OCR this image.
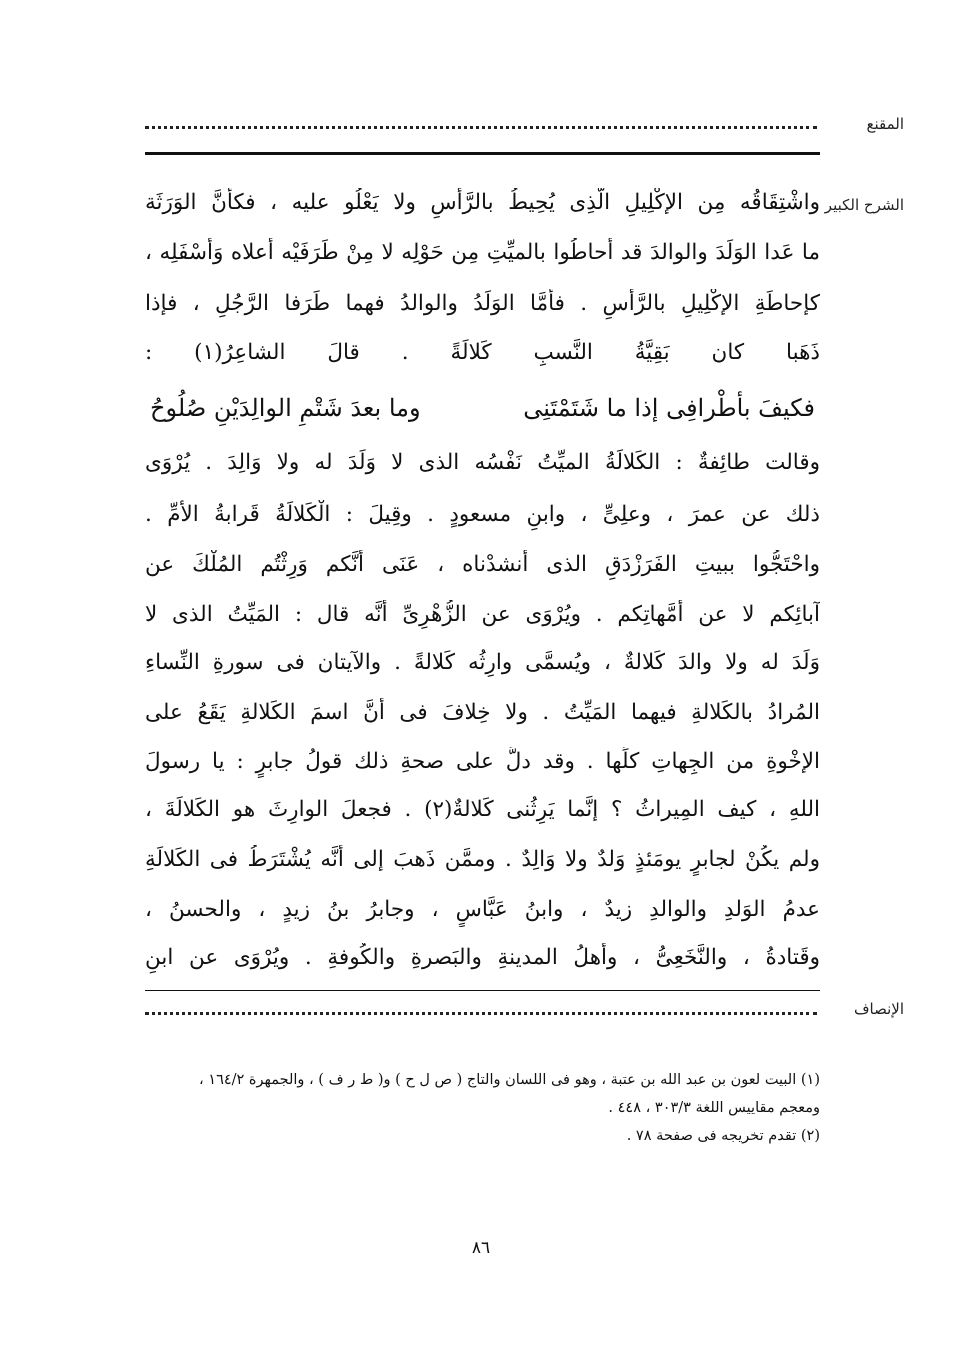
المقنع
الشرح الكبير
واشْتِقَاقُه مِن الإكْلِيلِ الّذِى يُحِيطُ بالرَّأْسِ ولا يَعْلُو عليه ، فكأنَّ الوَرَثَة
ما عَدا الوَلَدَ والوالدَ قد أحاطُوا بالميِّتِ مِن حَوْلِه لا مِنْ طَرَفَيْه أعلاه وَأَسْفَلِه ،
كإحاطَةِ الإكْلِيلِ بالرَّأْسِ . فأمَّا الوَلَدُ والوالدُ فهما طَرَفا الرَّجُلِ ، فإذا
ذَهَبا كان بَقِيَّةُ النَّسبِ كَلالَةً . قالَ الشاعِرُ(١) :
فكيفَ بأطْرافِى إذا ما شَتَمْتَنِى
وما بعدَ شَتْمِ الوالِدَيْنِ صُلُوحُ
وقالت طائِفةٌ : الكَلالَةُ الميِّتُ نَفْسُه الذى لا وَلَدَ له ولا وَالِدَ . يُرْوَى
ذلك عن عمرَ ، وعلِىٍّ ، وابنِ مسعودٍ . وقِيلَ : الْكَلالَةُ قَرابةُ الأُمِّ .
واحْتَجُّوا ببيتِ الفَرَزْدَقِ الذى أنشدْناه ، عَنَى أنَّكم وَرِثْتُم المُلْكَ عن
آبائِكم لا عن أُمَّهاتِكم . ويُرْوَى عن الزُّهْرِىِّ أنَّه قال : المَيِّتُ الذى لا
وَلَدَ له ولا والدَ كَلالةٌ ، ويُسمَّى وارِثُه كَلالةً . والآيتان فى سورةِ النِّساءِ
المُرادُ بالكَلالةِ فيهما المَيِّتُ . ولا خِلافَ فى أنَّ اسمَ الكَلالةِ يَقَعُ على
الإخْوةِ من الجِهاتِ كلِّها . وقد دلَّ على صحةِ ذلك قولُ جابرٍ : يا رسولَ
اللهِ ، كيف المِيراثُ ؟ إنَّما يَرِثُنى كَلالةٌ(٢) . فجعلَ الوارِثَ هو الكَلالَةَ ،
ولم يكُنْ لجابرٍ يومَئذٍ وَلدٌ ولا وَالِدٌ . وممَّن ذَهبَ إلى أنَّه يُشْتَرَطُ فى الكَلالَةِ
عدمُ الوَلدِ والوالدِ زيدٌ ، وابنُ عَبَّاسٍ ، وجابرُ بنُ زيدٍ ، والحسنُ ،
وقَتادةُ ، والنَّخَعِىُّ ، وأهلُ المدينةِ والبَصرةِ والكُوفةِ . ويُرْوَى عن ابنِ
الإنصاف
(١) البيت لعون بن عبد الله بن عتبة ، وهو فى اللسان والتاج ( ص ل ح ) و( ط ر ف ) ، والجمهرة ١٦٤/٢ ،
ومعجم مقاييس اللغة ٣٠٣/٣ ، ٤٤٨ .
(٢) تقدم تخريجه فى صفحة ٧٨ .
٨٦
